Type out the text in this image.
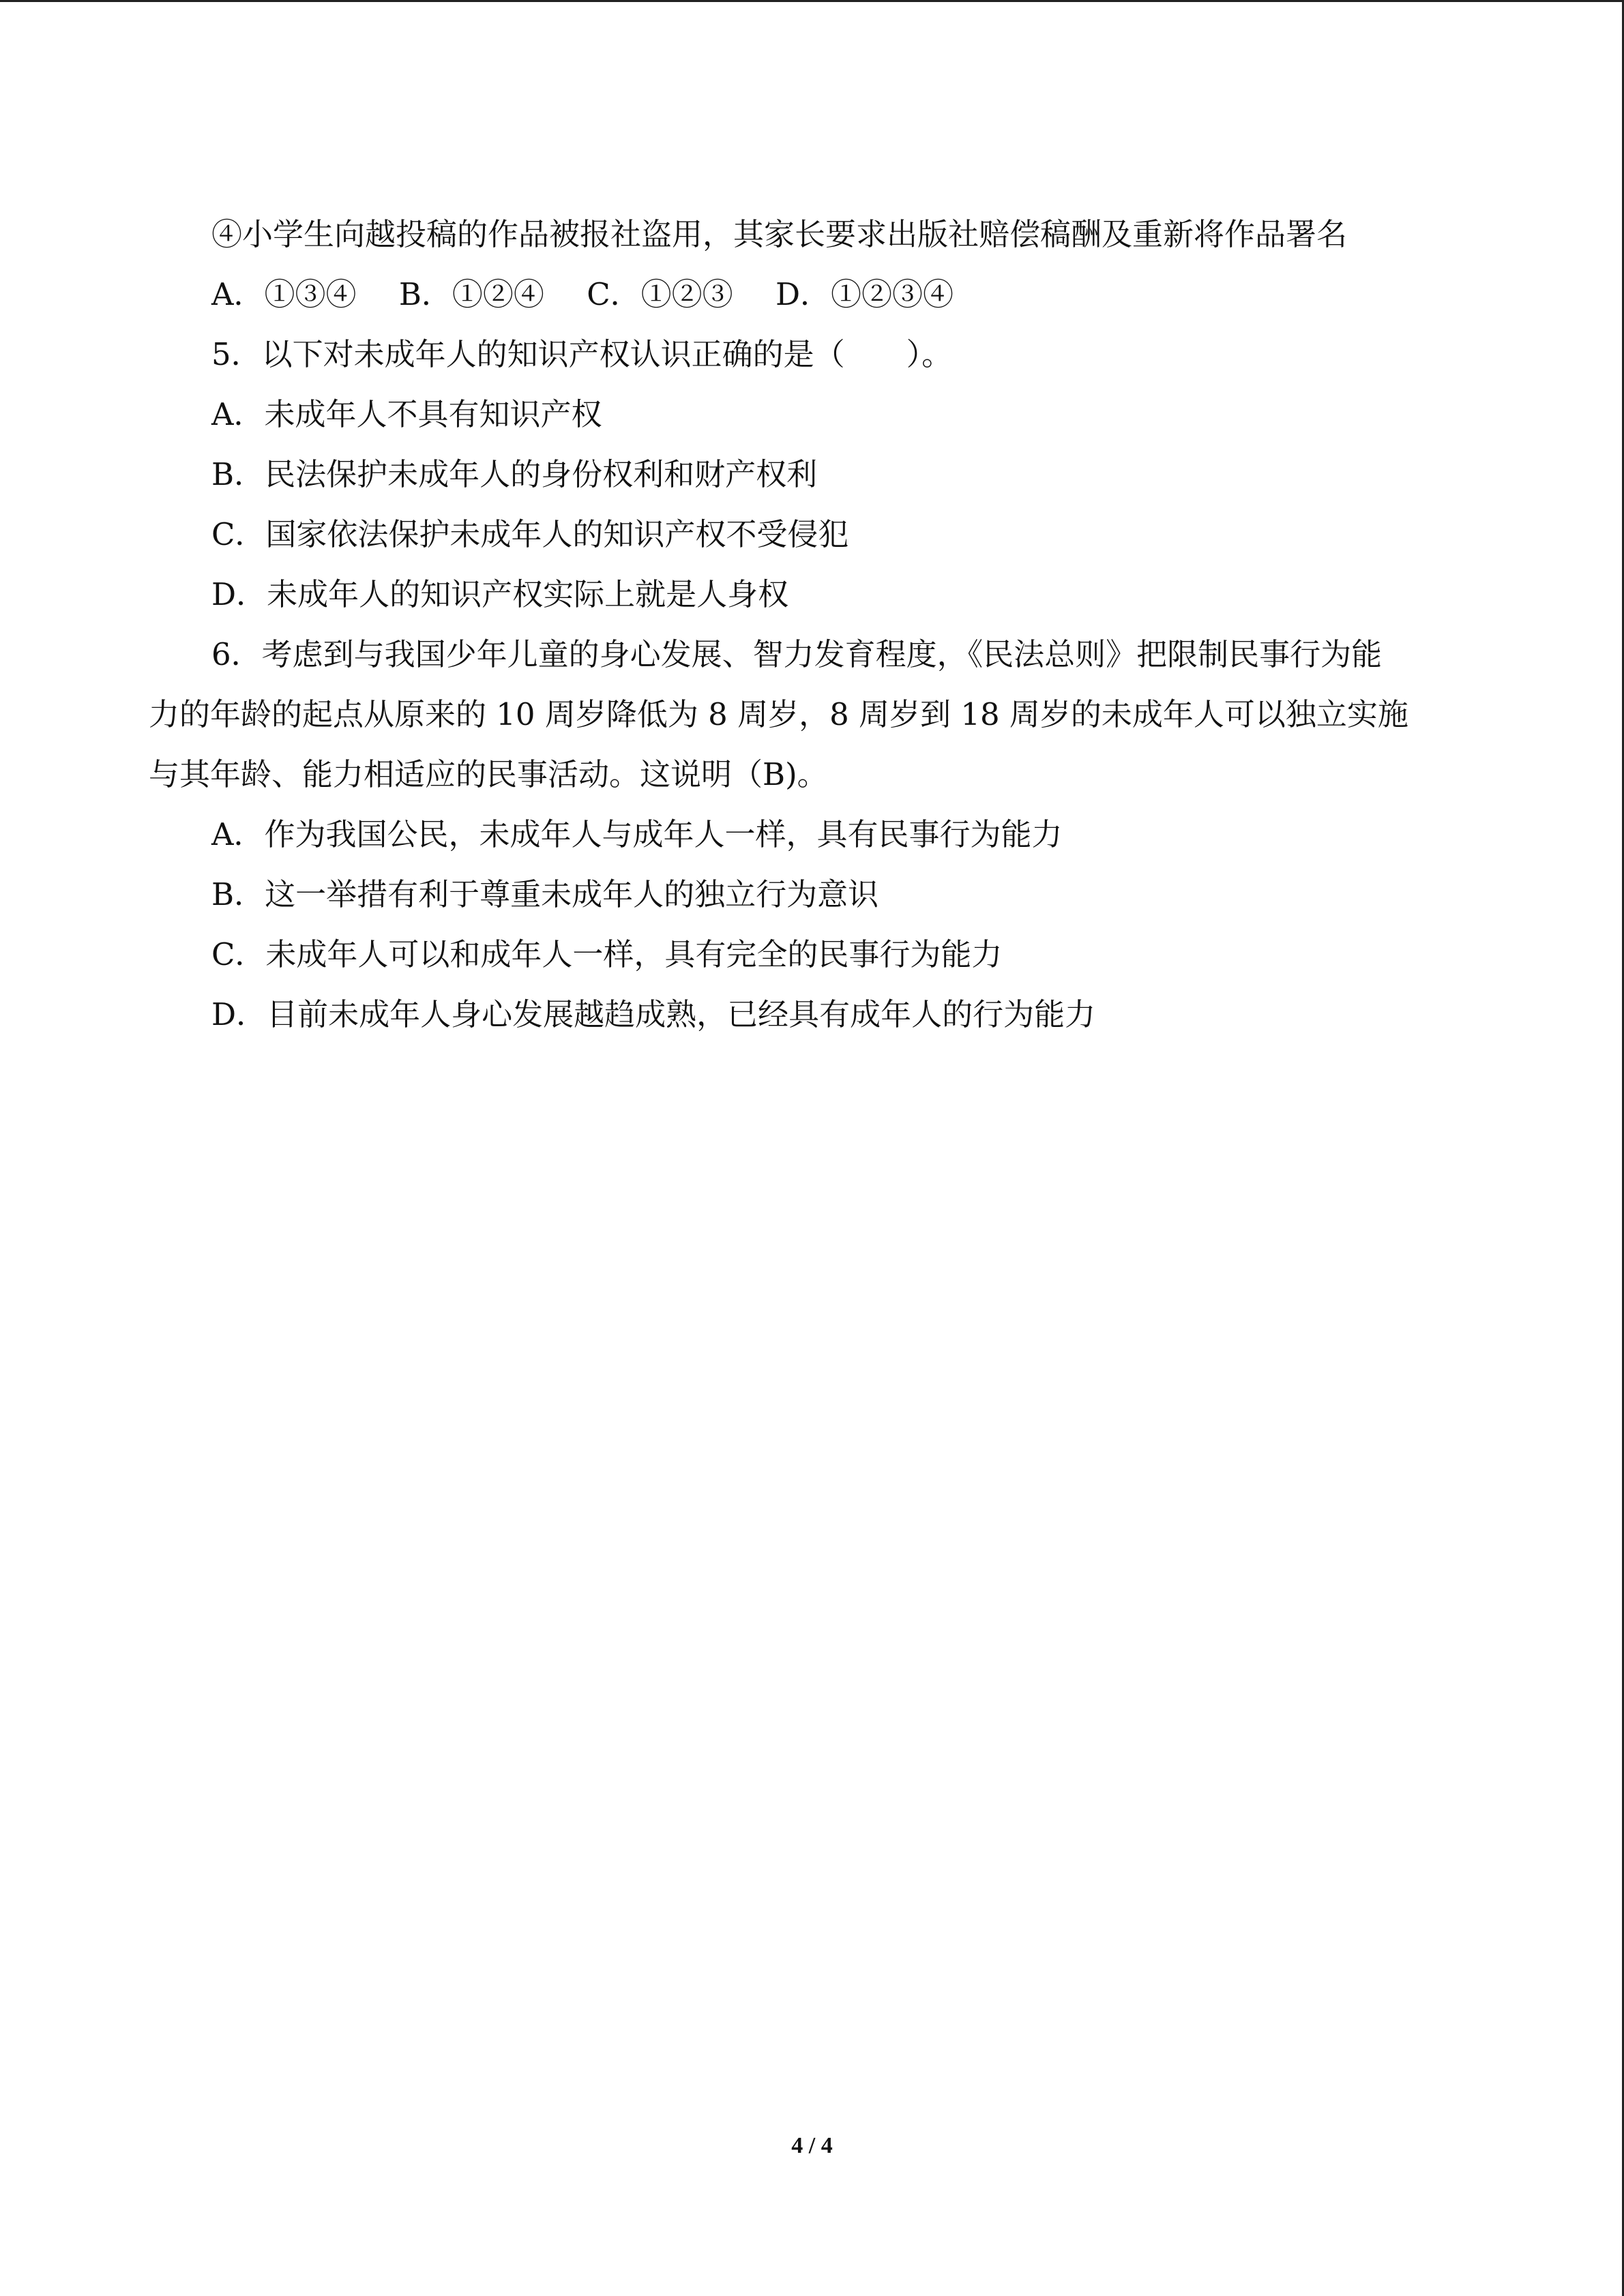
④小学生向越投稿的作品被报社盗用，其家长要求出版社赔偿稿酬及重新将作品署名
A．①③④ B．①②④ C．①②③ D．①②③④
5．以下对未成年人的知识产权认识正确的是（　　）。
A．未成年人不具有知识产权
B．民法保护未成年人的身份权利和财产权利
C．国家依法保护未成年人的知识产权不受侵犯
D．未成年人的知识产权实际上就是人身权
6．考虑到与我国少年儿童的身心发展、智力发育程度，《民法总则》把限制民事行为能
力的年龄的起点从原来的 10 周岁降低为 8 周岁，8 周岁到 18 周岁的未成年人可以独立实施
与其年龄、能力相适应的民事活动。这说明（B)。
A．作为我国公民，未成年人与成年人一样，具有民事行为能力
B．这一举措有利于尊重未成年人的独立行为意识
C．未成年人可以和成年人一样，具有完全的民事行为能力
D．目前未成年人身心发展越趋成熟，已经具有成年人的行为能力
4 / 4
